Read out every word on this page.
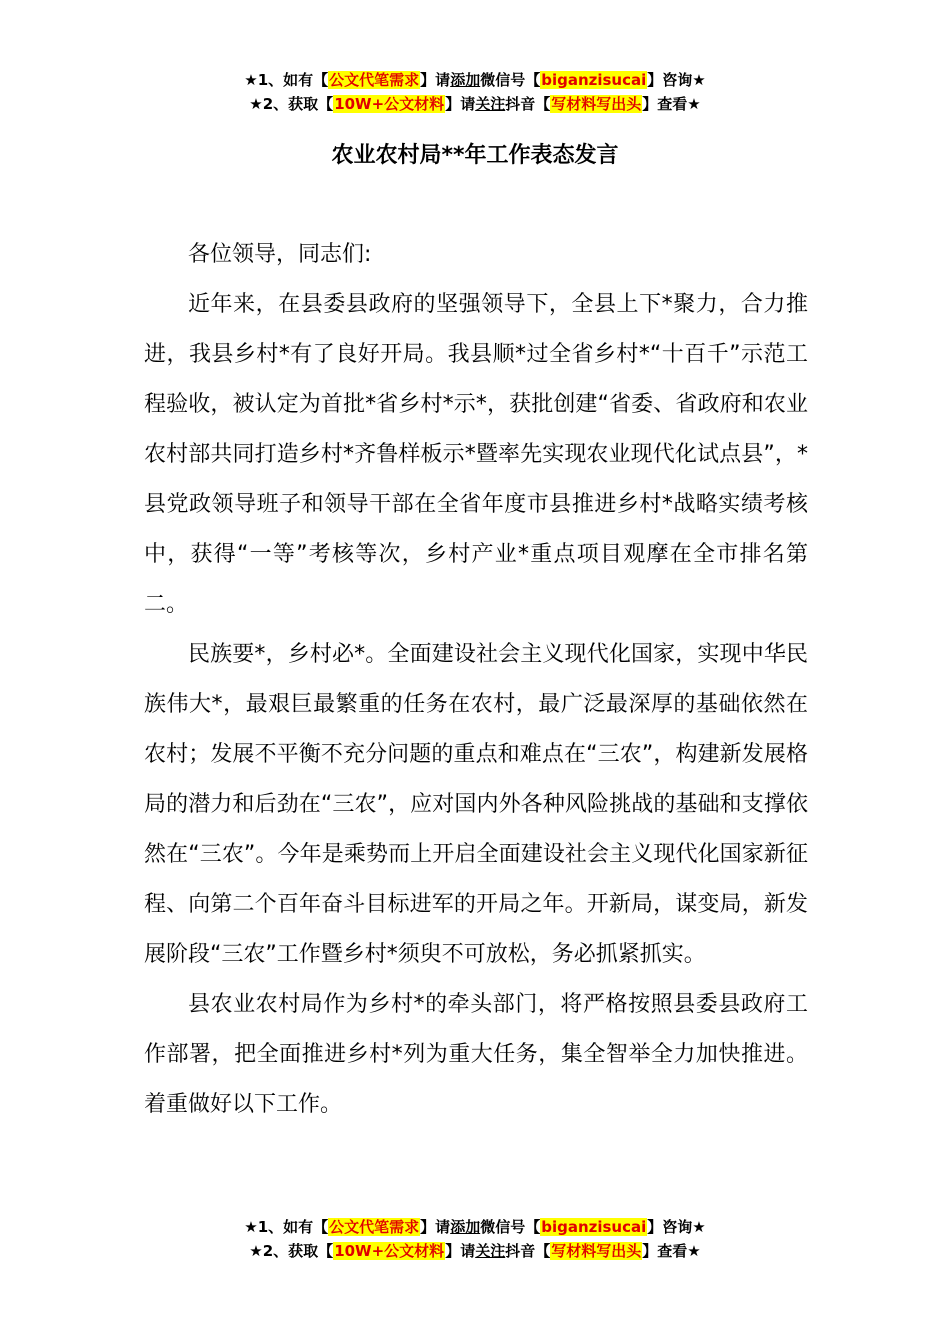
★1、如有【公文代笔需求】请添加微信号【biganzisucai】咨询★
★2、获取【10W+公文材料】请关注抖音【写材料写出头】查看★
农业农村局**年工作表态发言

各位领导，同志们:

近年来，在县委县政府的坚强领导下，全县上下*聚力，合力推进，我县乡村*有了良好开局。我县顺*过全省乡村*“十百千”示范工程验收，被认定为首批*省乡村*示*，获批创建“省委、省政府和农业农村部共同打造乡村*齐鲁样板示*暨率先实现农业现代化试点县”，*县党政领导班子和领导干部在全省年度市县推进乡村*战略实绩考核中，获得“一等”考核等次，乡村产业*重点项目观摩在全市排名第二。

民族要*，乡村必*。全面建设社会主义现代化国家，实现中华民族伟大*，最艰巨最繁重的任务在农村，最广泛最深厚的基础依然在农村；发展不平衡不充分问题的重点和难点在“三农”，构建新发展格局的潜力和后劲在“三农”，应对国内外各种风险挑战的基础和支撑依然在“三农”。今年是乘势而上开启全面建设社会主义现代化国家新征程、向第二个百年奋斗目标进军的开局之年。开新局，谋变局，新发展阶段“三农”工作暨乡村*须臾不可放松，务必抓紧抓实。

县农业农村局作为乡村*的牵头部门，将严格按照县委县政府工作部署，把全面推进乡村*列为重大任务，集全智举全力加快推进。着重做好以下工作。

★1、如有【公文代笔需求】请添加微信号【biganzisucai】咨询★
★2、获取【10W+公文材料】请关注抖音【写材料写出头】查看★
